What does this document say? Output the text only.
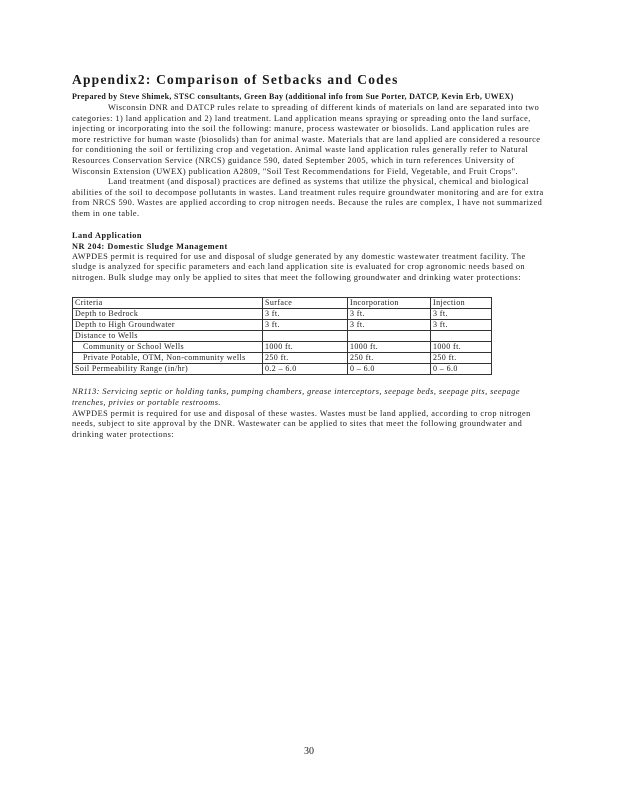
Appendix2: Comparison of Setbacks and Codes
Prepared by Steve Shimek, STSC consultants, Green Bay (additional info from Sue Porter, DATCP, Kevin Erb, UWEX)

Wisconsin DNR and DATCP rules relate to spreading of different kinds of materials on land are separated into two categories: 1) land application and 2) land treatment. Land application means spraying or spreading onto the land surface, injecting or incorporating into the soil the following: manure, process wastewater or biosolids. Land application rules are more restrictive for human waste (biosolids) than for animal waste. Materials that are land applied are considered a resource for conditioning the soil or fertilizing crop and vegetation. Animal waste land application rules generally refer to Natural Resources Conservation Service (NRCS) guidance 590, dated September 2005, which in turn references University of Wisconsin Extension (UWEX) publication A2809, "Soil Test Recommendations for Field, Vegetable, and Fruit Crops".

Land treatment (and disposal) practices are defined as systems that utilize the physical, chemical and biological abilities of the soil to decompose pollutants in wastes. Land treatment rules require groundwater monitoring and are for extra from NRCS 590. Wastes are applied according to crop nitrogen needs. Because the rules are complex, I have not summarized them in one table.

Land Application
NR 204: Domestic Sludge Management

AWPDES permit is required for use and disposal of sludge generated by any domestic wastewater treatment facility. The sludge is analyzed for specific parameters and each land application site is evaluated for crop agronomic needs based on nitrogen. Bulk sludge may only be applied to sites that meet the following groundwater and drinking water protections:

Criteria	Surface	Incorporation	Injection
Depth to Bedrock	3 ft.	3 ft.	3 ft.
Depth to High Groundwater	3 ft.	3 ft.	3 ft.
Distance to Wells			
Community or School Wells	1000 ft.	1000 ft.	1000 ft.
Private Potable, OTM, Non-community wells	250 ft.	250 ft.	250 ft.
Soil Permeability Range (in/hr)	0.2 – 6.0	0 – 6.0	0 – 6.0

NR113: Servicing septic or holding tanks, pumping chambers, grease interceptors, seepage beds, seepage pits, seepage trenches, privies or portable restrooms.

AWPDES permit is required for use and disposal of these wastes. Wastes must be land applied, according to crop nitrogen needs, subject to site approval by the DNR. Wastewater can be applied to sites that meet the following groundwater and drinking water protections:

30
